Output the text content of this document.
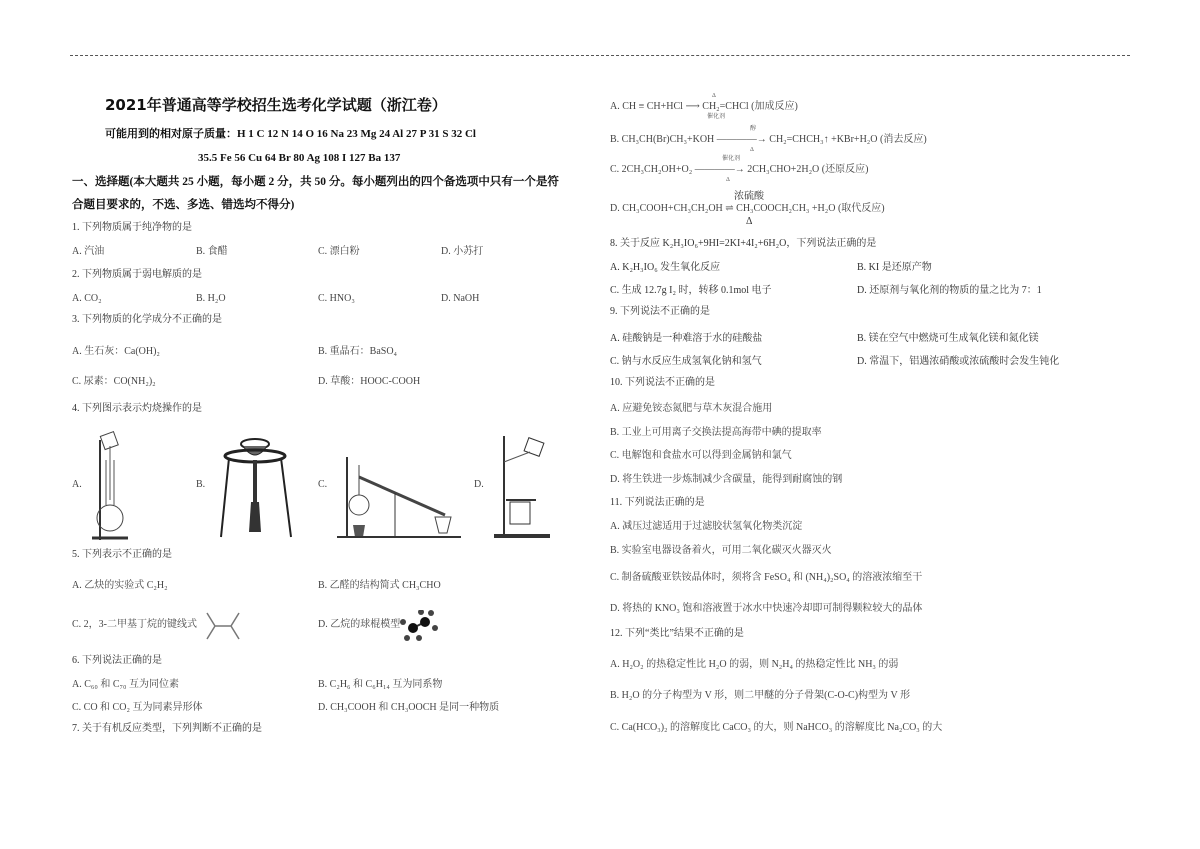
2021年普通高等学校招生选考化学试题（浙江卷）
可能用到的相对原子质量：H 1 C 12 N 14 O 16 Na 23 Mg 24 Al 27 P 31 S 32 Cl
35.5 Fe 56 Cu 64 Br 80 Ag 108 I 127 Ba 137
一、选择题(本大题共 25 小题，每小题 2 分，共 50 分。每小题列出的四个备选项中只有一个是符
合题目要求的，不选、多选、错选均不得分)
1. 下列物质属于纯净物的是
A. 汽油	B. 食醋	C. 漂白粉	D. 小苏打
2. 下列物质属于弱电解质的是
A. CO₂	B. H₂O	C. HNO₃	D. NaOH
3. 下列物质的化学成分不正确的是
A. 生石灰：Ca(OH)₂	B. 重晶石：BaSO₄
C. 尿素：CO(NH₂)₂	D. 草酸：HOOC-COOH
4. 下列图示表示灼烧操作的是
A.	B.	C.	D.
5. 下列表示不正确的是
A. 乙炔的实验式 C₂H₂	B. 乙醛的结构简式 CH₃CHO
C. 2，3-二甲基丁烷的键线式	D. 乙烷的球棍模型
6. 下列说法正确的是
A. C₆₀ 和 C₇₀ 互为同位素	B. C₂H₆ 和 C₆H₁₄ 互为同系物
C. CO 和 CO₂ 互为同素异形体	D. CH₃COOH 和 CH₃OOCH 是同一种物质
7. 关于有机反应类型，下列判断不正确的是
A. CH ≡ CH+HCl ⟶ CH₂=CHCl (加成反应)
B. CH₃CH(Br)CH₃+KOH ————→ CH₂=CHCH₃↑ +KBr+H₂O (消去反应)
C. 2CH₃CH₂OH+O₂ ————→ 2CH₃CHO+2H₂O (还原反应)
D. CH₃COOH+CH₃CH₂OH ⇌ CH₃COOCH₂CH₃ +H₂O (取代反应)
Δ
催化剂
醇
Δ
催化剂
Δ
浓硫酸
Δ
8. 关于反应 K₂H₃IO₆+9HI=2KI+4I₂+6H₂O，下列说法正确的是
A. K₂H₃IO₆ 发生氧化反应	B. KI 是还原产物
C. 生成 12.7g I₂ 时，转移 0.1mol 电子	D. 还原剂与氧化剂的物质的量之比为 7：1
9. 下列说法不正确的是
A. 硅酸钠是一种难溶于水的硅酸盐	B. 镁在空气中燃烧可生成氧化镁和氮化镁
C. 钠与水反应生成氢氧化钠和氢气	D. 常温下，铝遇浓硝酸或浓硫酸时会发生钝化
10. 下列说法不正确的是
A. 应避免铵态氮肥与草木灰混合施用
B. 工业上可用离子交换法提高海带中碘的提取率
C. 电解饱和食盐水可以得到金属钠和氯气
D. 将生铁进一步炼制减少含碳量，能得到耐腐蚀的钢
11. 下列说法正确的是
A. 减压过滤适用于过滤胶状氢氧化物类沉淀
B. 实验室电器设备着火，可用二氧化碳灭火器灭火
C. 制备硫酸亚铁铵晶体时，须将含 FeSO₄ 和 (NH₄)₂SO₄ 的溶液浓缩至干
D. 将热的 KNO₃ 饱和溶液置于冰水中快速冷却即可制得颗粒较大的晶体
12. 下列“类比”结果不正确的是
A. H₂O₂ 的热稳定性比 H₂O 的弱，则 N₂H₄ 的热稳定性比 NH₃ 的弱
B. H₂O 的分子构型为 V 形，则二甲醚的分子骨架(C-O-C)构型为 V 形
C. Ca(HCO₃)₂ 的溶解度比 CaCO₃ 的大，则 NaHCO₃ 的溶解度比 Na₂CO₃ 的大
